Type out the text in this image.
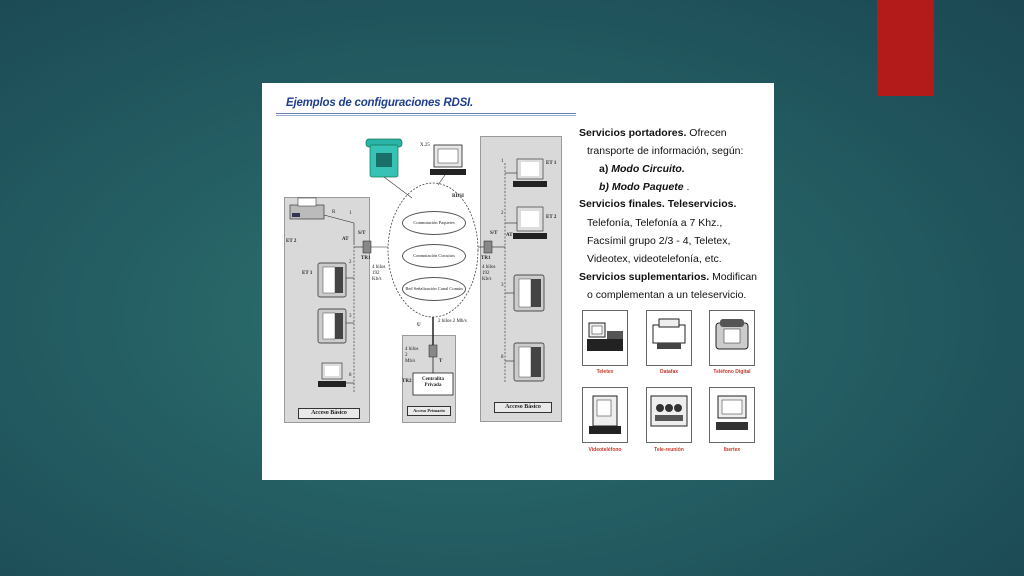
Ejemplos de configuraciones RDSI.
Acceso Básico
Acceso Básico
Acceso Primario
Conmutación Paquetes
Conmutación Circuitos
Red Señalización Canal Común
RDSI
X.25
ET 2
R
AT
S/T
TR1
4 hilos 192 Kb/s
ET 1
1
2
3
8
ET 1
ET 2
AT
S/T
TR1
4 hilos 192 Kb/s
1
2
3
8
U
2 hilos 2 Mb/s
T
4 hilos 2 Mb/s
TR2	Centralita Privada
Servicios portadores. Ofrecen
transporte de información, según:
a) Modo Circuito.
b) Modo Paquete .
Servicios finales. Teleservicios.
Telefonía, Telefonía a 7 Khz.,
Facsímil grupo 2/3 - 4, Teletex,
Videotex, videotelefonía, etc.
Servicios suplementarios. Modifican
o complementan a un teleservicio.
Teletex	Datafax	Teléfono Digital
Videoteléfono	Tele-reunión	Ibertex
